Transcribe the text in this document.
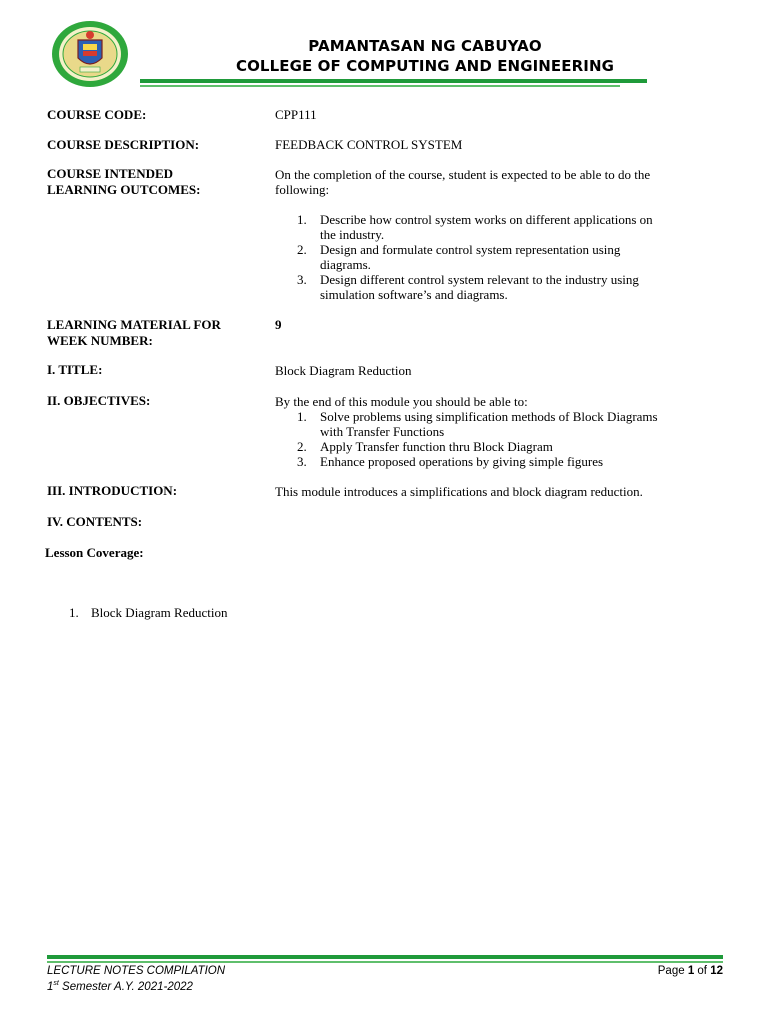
PAMANTASAN NG CABUYAO
COLLEGE OF COMPUTING AND ENGINEERING
COURSE CODE:	CPP111
COURSE DESCRIPTION:	FEEDBACK CONTROL SYSTEM
COURSE INTENDED
LEARNING OUTCOMES:
On the completion of the course, student is expected to be able to do the
following:
1. Describe how control system works on different applications on
the industry.
2. Design and formulate control system representation using
diagrams.
3. Design different control system relevant to the industry using
simulation software’s and diagrams.
LEARNING MATERIAL FOR
WEEK NUMBER:
9
I. TITLE:	Block Diagram Reduction
II. OBJECTIVES:	By the end of this module you should be able to:
1. Solve problems using simplification methods of Block Diagrams
with Transfer Functions
2. Apply Transfer function thru Block Diagram
3. Enhance proposed operations by giving simple figures
III. INTRODUCTION:	This module introduces a simplifications and block diagram reduction.
IV. CONTENTS:
Lesson Coverage:
1. Block Diagram Reduction
LECTURE NOTES COMPILATION
1st Semester A.Y. 2021-2022
Page 1 of 12
